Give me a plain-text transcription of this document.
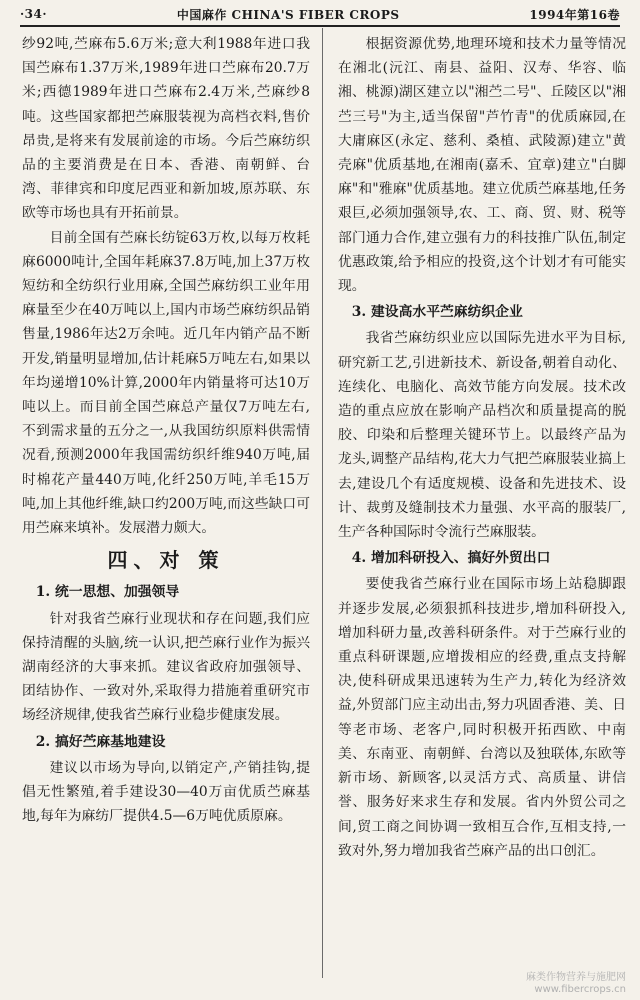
·34·	中国麻作 CHINA'S FIBER CROPS	1994年第16卷

纱92吨,苎麻布5.6万米;意大利1988年进口我国苎麻布1.37万米,1989年进口苎麻布20.7万米;西德1989年进口苎麻布2.4万米,苎麻纱8吨。这些国家都把苎麻服装视为高档衣料,售价昂贵,是将来有发展前途的市场。今后苎麻纺织品的主要消费是在日本、香港、南朝鲜、台湾、菲律宾和印度尼西亚和新加坡,原苏联、东欧等市场也具有开拓前景。

目前全国有苎麻长纺锭63万枚,以每万枚耗麻6000吨计,全国年耗麻37.8万吨,加上37万枚短纺和全纺织行业用麻,全国苎麻纺织工业年用麻量至少在40万吨以上,国内市场苎麻纺织品销售量,1986年达2万余吨。近几年内销产品不断开发,销量明显增加,估计耗麻5万吨左右,如果以年均递增10%计算,2000年内销量将可达10万吨以上。而目前全国苎麻总产量仅7万吨左右,不到需求量的五分之一,从我国纺织原料供需情况看,预测2000年我国需纺织纤维940万吨,届时棉花产量440万吨,化纤250万吨,羊毛15万吨,加上其他纤维,缺口约200万吨,而这些缺口可用苎麻来填补。发展潜力颇大。

四、对 策
1. 统一思想、加强领导

针对我省苎麻行业现状和存在问题,我们应保持清醒的头脑,统一认识,把苎麻行业作为振兴湖南经济的大事来抓。建议省政府加强领导、团结协作、一致对外,采取得力措施着重研究市场经济规律,使我省苎麻行业稳步健康发展。

2. 搞好苎麻基地建设

建议以市场为导向,以销定产,产销挂钩,提倡无性繁殖,着手建设30—40万亩优质苎麻基地,每年为麻纺厂提供4.5—6万吨优质原麻。

根据资源优势,地理环境和技术力量等情况在湘北(沅江、南县、益阳、汉寿、华容、临湘、桃源)湖区建立以"湘苎二号"、丘陵区以"湘苎三号"为主,适当保留"芦竹青"的优质麻园,在大庸麻区(永定、慈利、桑植、武陵源)建立"黄壳麻"优质基地,在湘南(嘉禾、宜章)建立"白脚麻"和"雅麻"优质基地。建立优质苎麻基地,任务艰巨,必须加强领导,农、工、商、贸、财、税等部门通力合作,建立强有力的科技推广队伍,制定优惠政策,给予相应的投资,这个计划才有可能实现。

3. 建设高水平苎麻纺织企业

我省苎麻纺织业应以国际先进水平为目标,研究新工艺,引进新技术、新设备,朝着自动化、连续化、电脑化、高效节能方向发展。技术改造的重点应放在影响产品档次和质量提高的脱胶、印染和后整理关键环节上。以最终产品为龙头,调整产品结构,花大力气把苎麻服装业搞上去,建设几个有适度规模、设备和先进技术、设计、裁剪及缝制技术力量强、水平高的服装厂,生产各种国际时令流行苎麻服装。

4. 增加科研投入、搞好外贸出口

要使我省苎麻行业在国际市场上站稳脚跟并逐步发展,必须狠抓科技进步,增加科研投入,增加科研力量,改善科研条件。对于苎麻行业的重点科研课题,应增拨相应的经费,重点支持解决,使科研成果迅速转为生产力,转化为经济效益,外贸部门应主动出击,努力巩固香港、美、日等老市场、老客户,同时积极开拓西欧、中南美、东南亚、南朝鲜、台湾以及独联体,东欧等新市场、新顾客,以灵活方式、高质量、讲信誉、服务好来求生存和发展。省内外贸公司之间,贸工商之间协调一致相互合作,互相支持,一致对外,努力增加我省苎麻产品的出口创汇。

麻类作物营养与施肥网
www.fibercrops.cn
